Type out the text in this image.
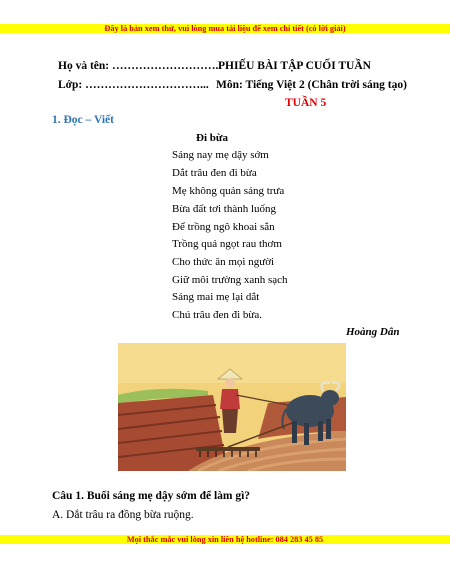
Đây là bản xem thử, vui lòng mua tài liệu để xem chi tiết (có lời giải)
Họ và tên: ………………………..
PHIẾU BÀI TẬP CUỐI TUẦN
Lớp: …………………………... Môn: Tiếng Việt 2 (Chân trời sáng tạo)
TUẦN 5
1. Đọc – Viết
Đi bừa
Sáng nay mẹ dậy sớm
Dắt trâu đen đi bừa
Mẹ không quản sáng trưa
Bừa đất tơi thành luống
Để trồng ngô khoai sắn
Trồng quả ngọt rau thơm
Cho thức ăn mọi người
Giữ môi trường xanh sạch
Sáng mai mẹ lại dắt
Chú trâu đen đi bừa.
Hoàng Dân
Câu 1. Buổi sáng mẹ dậy sớm để làm gì?
A. Dắt trâu ra đồng bừa ruộng.
Mọi thắc mắc vui lòng xin liên hệ hotline: 084 283 45 85
